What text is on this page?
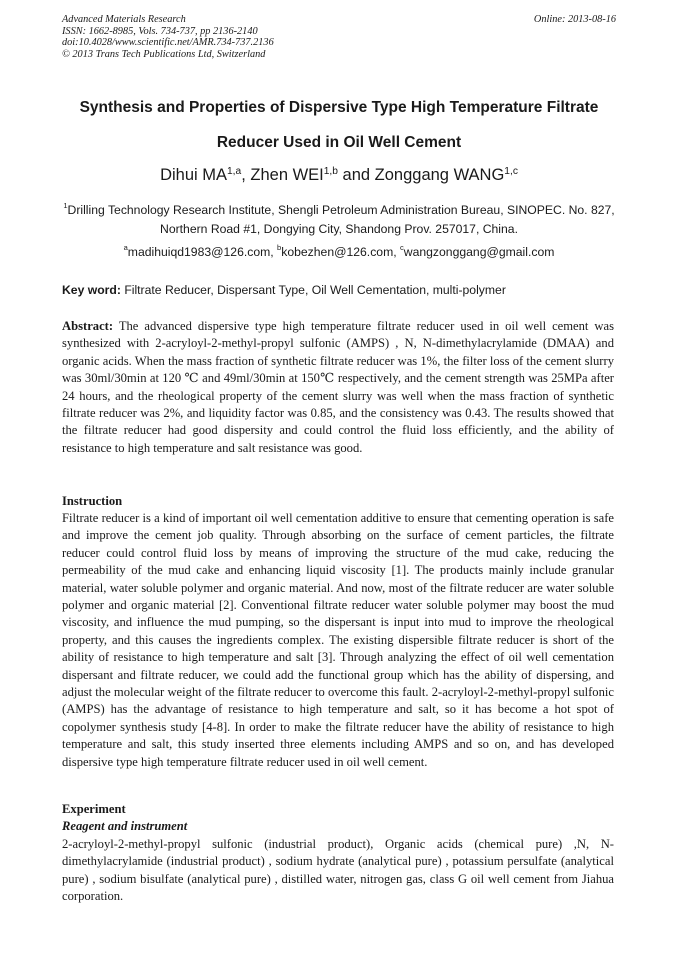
Advanced Materials Research
ISSN: 1662-8985, Vols. 734-737, pp 2136-2140
doi:10.4028/www.scientific.net/AMR.734-737.2136
© 2013 Trans Tech Publications Ltd, Switzerland
Online: 2013-08-16
Synthesis and Properties of Dispersive Type High Temperature Filtrate
Reducer Used in Oil Well Cement
Dihui MA$^{1,a}$, Zhen WEI$^{1,b}$ and Zonggang WANG$^{1,c}$
$^1$Drilling Technology Research Institute, Shengli Petroleum Administration Bureau, SINOPEC. No. 827, Northern Road #1, Dongying City, Shandong Prov. 257017, China.
$^a$madihuiqd1983@126.com, $^b$kobezhen@126.com, $^c$wangzonggang@gmail.com
Key word: Filtrate Reducer, Dispersant Type, Oil Well Cementation, multi-polymer

Abstract: The advanced dispersive type high temperature filtrate reducer used in oil well cement was synthesized with 2-acryloyl-2-methyl-propyl sulfonic (AMPS) , N, N-dimethylacrylamide (DMAA) and organic acids. When the mass fraction of synthetic filtrate reducer was 1%, the filter loss of the cement slurry was 30ml/30min at 120 ℃ and 49ml/30min at 150℃ respectively, and the cement strength was 25MPa after 24 hours, and the rheological property of the cement slurry was well when the mass fraction of synthetic filtrate reducer was 2%, and liquidity factor was 0.85, and the consistency was 0.43. The results showed that the filtrate reducer had good dispersity and could control the fluid loss efficiently, and the ability of resistance to high temperature and salt resistance was good.

Instruction

Filtrate reducer is a kind of important oil well cementation additive to ensure that cementing operation is safe and improve the cement job quality. Through absorbing on the surface of cement particles, the filtrate reducer could control fluid loss by means of improving the structure of the mud cake, reducing the permeability of the mud cake and enhancing liquid viscosity [1]. The products mainly include granular material, water soluble polymer and organic material. And now, most of the filtrate reducer are water soluble polymer and organic material [2]. Conventional filtrate reducer water soluble polymer may boost the mud viscosity, and influence the mud pumping, so the dispersant is input into mud to improve the rheological property, and this causes the ingredients complex. The existing dispersible filtrate reducer is short of the ability of resistance to high temperature and salt [3]. Through analyzing the effect of oil well cementation dispersant and filtrate reducer, we could add the functional group which has the ability of dispersing, and adjust the molecular weight of the filtrate reducer to overcome this fault. 2-acryloyl-2-methyl-propyl sulfonic (AMPS) has the advantage of resistance to high temperature and salt, so it has become a hot spot of copolymer synthesis study [4-8]. In order to make the filtrate reducer have the ability of resistance to high temperature and salt, this study inserted three elements including AMPS and so on, and has developed dispersive type high temperature filtrate reducer used in oil well cement.

Experiment
Reagent and instrument

2-acryloyl-2-methyl-propyl sulfonic (industrial product), Organic acids (chemical pure) ,N, N-dimethylacrylamide (industrial product) , sodium hydrate (analytical pure) , potassium persulfate (analytical pure) , sodium bisulfate (analytical pure) , distilled water, nitrogen gas, class G oil well cement from Jiahua corporation.
